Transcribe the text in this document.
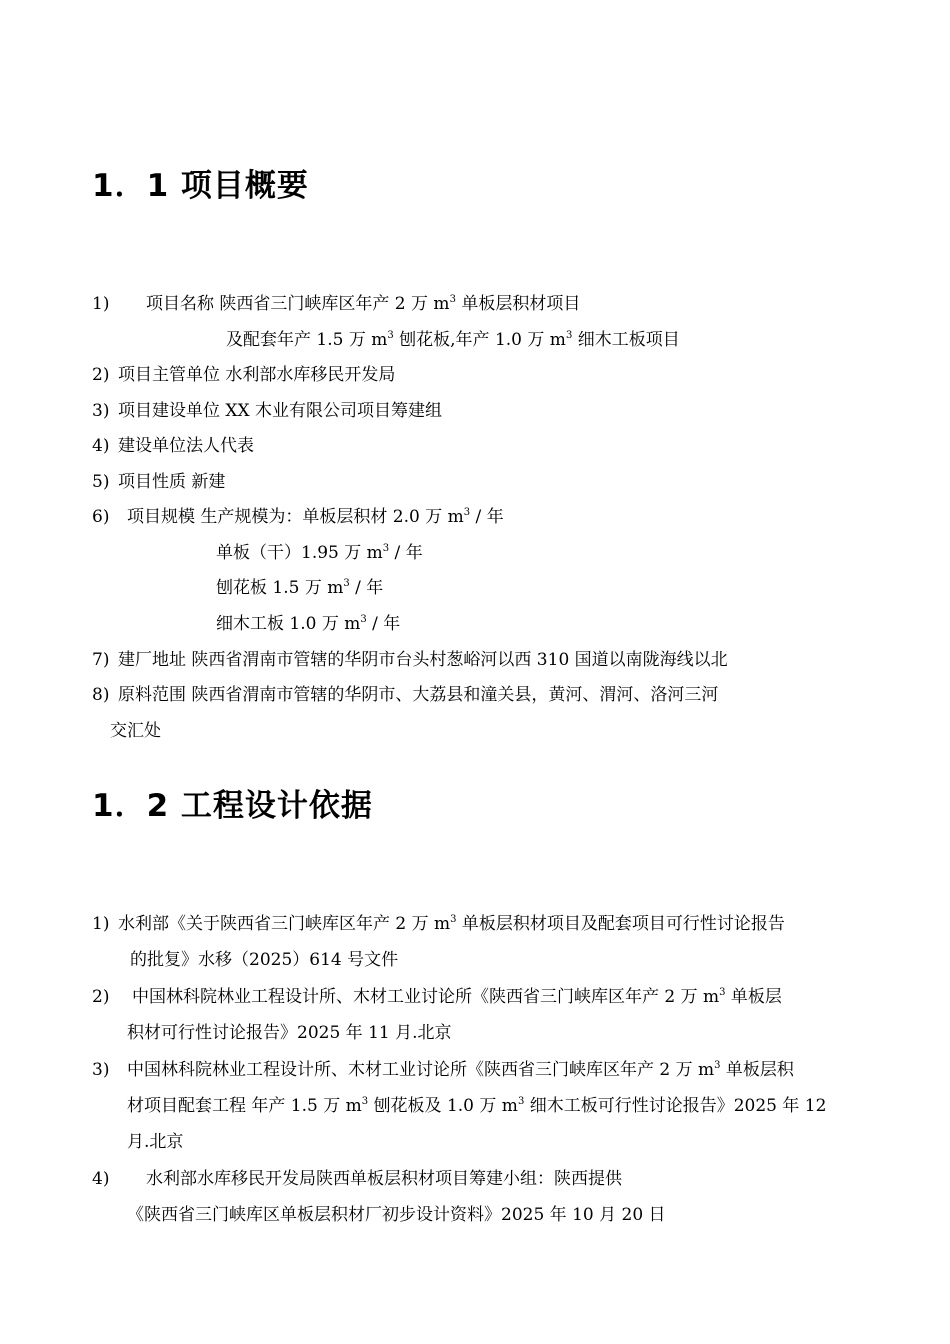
1．1 项目概要
1) 项目名称 陕西省三门峡库区年产 2 万 $m^3$ 单板层积材项目
及配套年产 1.5 万 $m^3$ 刨花板,年产 1.0 万 $m^3$ 细木工板项目
2) 项目主管单位 水利部水库移民开发局
3) 项目建设单位 XX 木业有限公司项目筹建组
4) 建设单位法人代表
5) 项目性质 新建
6) 项目规模 生产规模为：单板层积材 2.0 万 $m^3$ / 年
单板（干）1.95 万 $m^3$ / 年
刨花板 1.5 万 $m^3$ / 年
细木工板 1.0 万 $m^3$ / 年
7) 建厂地址 陕西省渭南市管辖的华阴市台头村葱峪河以西 310 国道以南陇海线以北
8) 原料范围 陕西省渭南市管辖的华阴市、大荔县和潼关县，黄河、渭河、洛河三河
交汇处
1．2 工程设计依据
1) 水利部《关于陕西省三门峡库区年产 2 万 $m^3$ 单板层积材项目及配套项目可行性讨论报告
的批复》水移（2025）614 号文件
2) 中国林科院林业工程设计所、木材工业讨论所《陕西省三门峡库区年产 2 万 $m^3$ 单板层
积材可行性讨论报告》2025 年 11 月.北京
3) 中国林科院林业工程设计所、木材工业讨论所《陕西省三门峡库区年产 2 万 $m^3$ 单板层积
材项目配套工程 年产 1.5 万 $m^3$ 刨花板及 1.0 万 $m^3$ 细木工板可行性讨论报告》2025 年 12
月.北京
4) 水利部水库移民开发局陕西单板层积材项目筹建小组：陕西提供
《陕西省三门峡库区单板层积材厂初步设计资料》2025 年 10 月 20 日
